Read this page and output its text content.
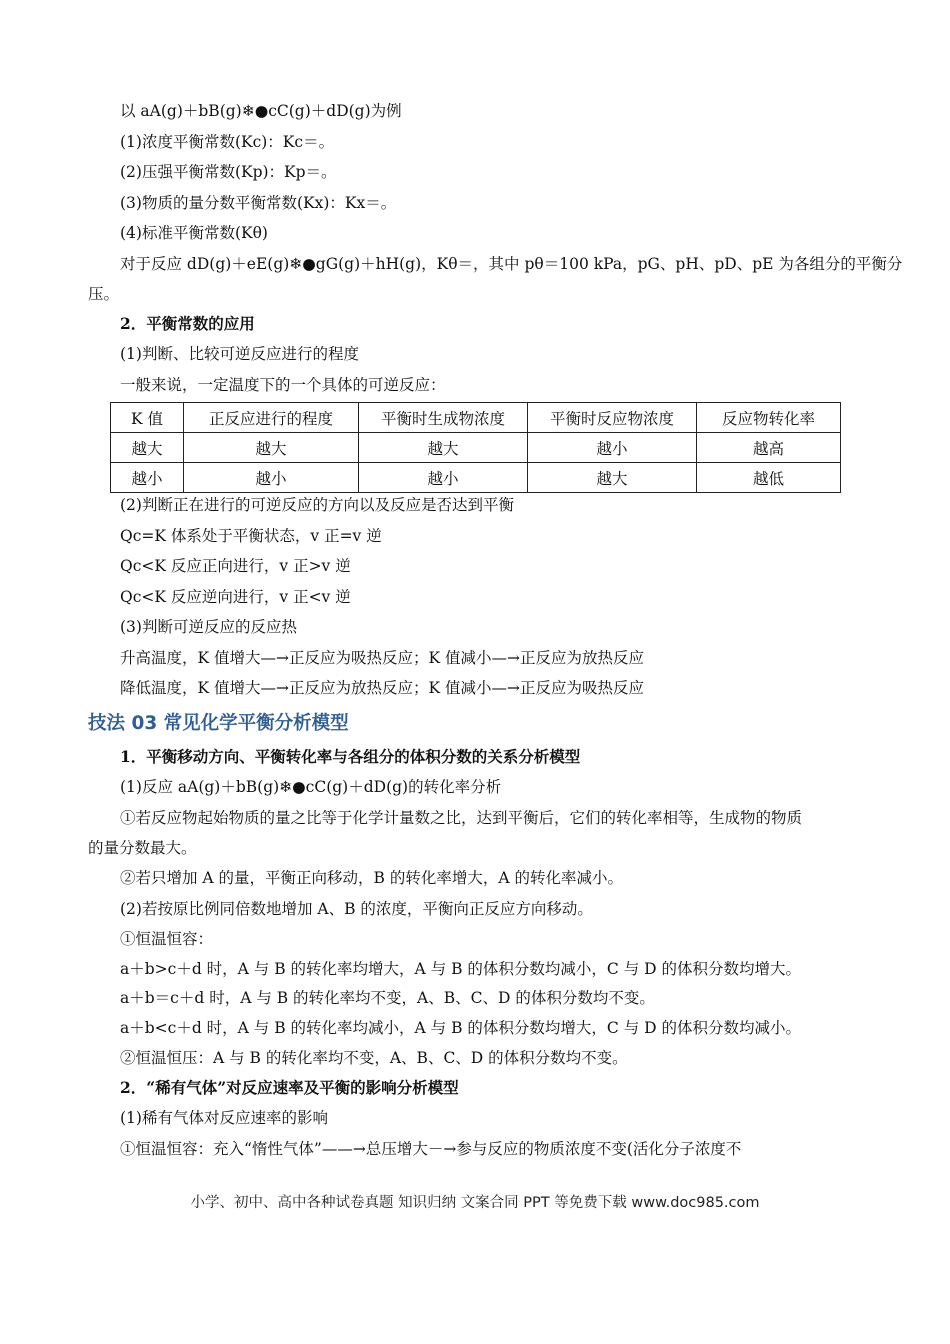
以 aA(g)＋bB(g)❄●cC(g)＋dD(g)为例
(1)浓度平衡常数(Kc)：Kc＝。
(2)压强平衡常数(Kp)：Kp＝。
(3)物质的量分数平衡常数(Kx)：Kx＝。
(4)标准平衡常数(Kθ)
对于反应 dD(g)＋eE(g)❄●gG(g)＋hH(g)，Kθ＝，其中 pθ＝100 kPa，pG、pH、pD、pE 为各组分的平衡分
压。
2．平衡常数的应用
(1)判断、比较可逆反应进行的程度
一般来说，一定温度下的一个具体的可逆反应：
K 值	正反应进行的程度	平衡时生成物浓度	平衡时反应物浓度	反应物转化率
越大	越大	越大	越小	越高
越小	越小	越小	越大	越低
(2)判断正在进行的可逆反应的方向以及反应是否达到平衡
Qc=K 体系处于平衡状态，v 正=v 逆
Qc<K 反应正向进行，v 正>v 逆
Qc<K 反应逆向进行，v 正<v 逆
(3)判断可逆反应的反应热
升高温度，K 值增大—→正反应为吸热反应；K 值减小—→正反应为放热反应
降低温度，K 值增大—→正反应为放热反应；K 值减小—→正反应为吸热反应
技法 03 常见化学平衡分析模型
1．平衡移动方向、平衡转化率与各组分的体积分数的关系分析模型
(1)反应 aA(g)＋bB(g)❄●cC(g)＋dD(g)的转化率分析
①若反应物起始物质的量之比等于化学计量数之比，达到平衡后，它们的转化率相等，生成物的物质
的量分数最大。
②若只增加 A 的量，平衡正向移动，B 的转化率增大，A 的转化率减小。
(2)若按原比例同倍数地增加 A、B 的浓度，平衡向正反应方向移动。
①恒温恒容：
a＋b>c＋d 时，A 与 B 的转化率均增大，A 与 B 的体积分数均减小，C 与 D 的体积分数均增大。
a＋b＝c＋d 时，A 与 B 的转化率均不变，A、B、C、D 的体积分数均不变。
a＋b<c＋d 时，A 与 B 的转化率均减小，A 与 B 的体积分数均增大，C 与 D 的体积分数均减小。
②恒温恒压：A 与 B 的转化率均不变，A、B、C、D 的体积分数均不变。
2．“稀有气体”对反应速率及平衡的影响分析模型
(1)稀有气体对反应速率的影响
①恒温恒容：充入“惰性气体”——→总压增大－→参与反应的物质浓度不变(活化分子浓度不
小学、初中、高中各种试卷真题 知识归纳 文案合同 PPT 等免费下载 www.doc985.com
